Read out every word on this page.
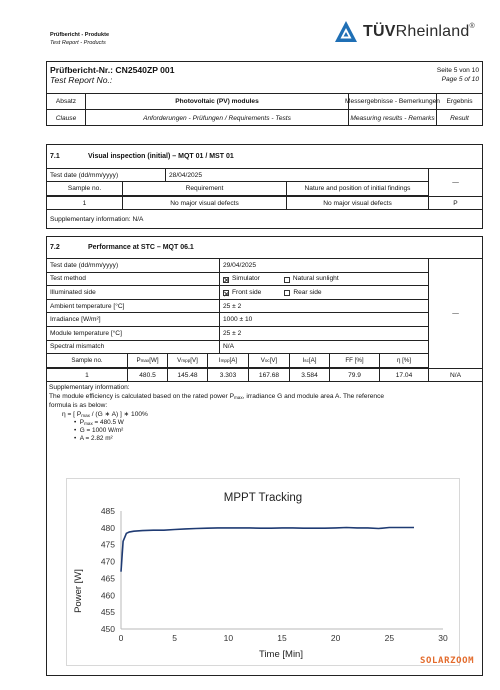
Prüfbericht - Produkte
Test Report - Products
TÜVRheinland®
Prüfbericht-Nr.: CN2540ZP 001
Test Report No.:
Seite 5 von 10
Page 5 of 10
Absatz	Photovoltaic (PV) modules	Messergebnisse - Bemerkungen Ergebnis
Clause	Anforderungen - Prüfungen / Requirements - Tests	Measuring results - Remarks	Result
7.1	Visual inspection (initial) – MQT 01 / MST 01
Test date (dd/mm/yyyy)	28/04/2025
Sample no.	Requirement	Nature and position of initial findings
—
1	No major visual defects	No major visual defects	P
Supplementary information: N/A
7.2	Performance at STC – MQT 06.1
Test date (dd/mm/yyyy)	29/04/2025
Test method	Simulator	Natural sunlight
Illuminated side	Front side	Rear side
Ambient temperature [°C]	25 ± 2
Irradiance [W/m²]	1000 ± 10
Module temperature [°C]	25 ± 2
Spectral mismatch	N/A
Sample no.	P max [W]	V mpp [V]	I mpp [A]	V oc [V]	I sc [A]	FF [%]	η [%]
—
1	480.5	145.48	3.303	167.68	3.584	79.9	17.04	N/A
Supplementary information:
The module efficiency is calculated based on the rated power $P_{max}$, irradiance G and module area A. The reference
formula is as below:
η = [ $P_{max} / (G$ ∗ A) ] ∗ 100%
•  $P_{max} = 480.5$ W
•  G = 1000 W/m²
•  A = 2.82 m²
MPPT Tracking
Time [Min]
Power [W]
0	5	10	15	20	25	30
450
455
460
465
470
475
480
485
SOLARZOOM
